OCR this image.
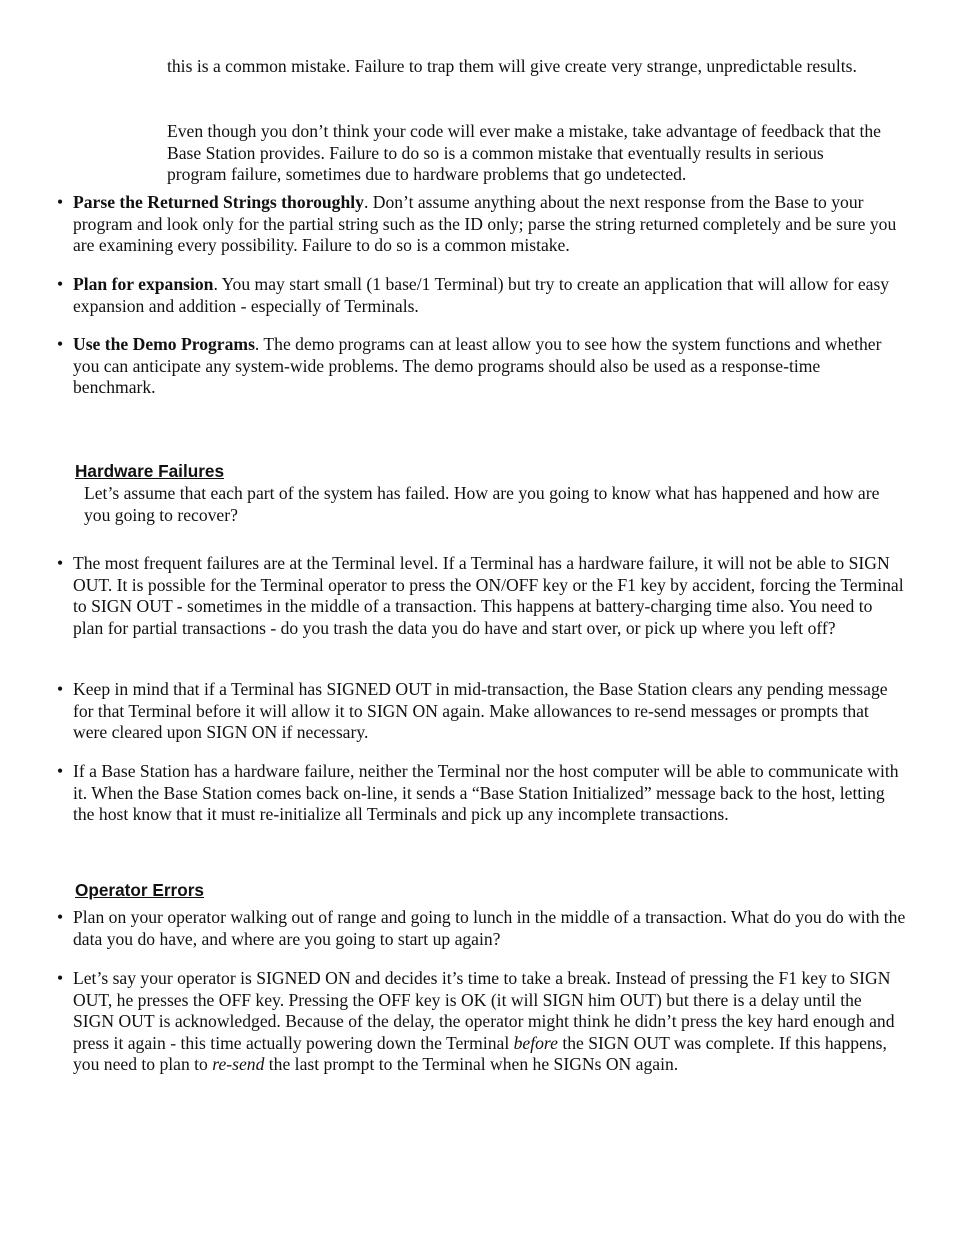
this is a common mistake. Failure to trap them will give create very strange, unpredictable results.

Even though you don’t think your code will ever make a mistake, take advantage of feedback that the Base Station provides. Failure to do so is a common mistake that eventually results in serious program failure, sometimes due to hardware problems that go undetected.

• Parse the Returned Strings thoroughly. Don’t assume anything about the next response from the Base to your program and look only for the partial string such as the ID only; parse the string returned completely and be sure you are examining every possibility. Failure to do so is a common mistake.
• Plan for expansion. You may start small (1 base/1 Terminal) but try to create an application that will allow for easy expansion and addition - especially of Terminals.
• Use the Demo Programs. The demo programs can at least allow you to see how the system functions and whether you can anticipate any system-wide problems. The demo programs should also be used as a response-time benchmark.
Hardware Failures
Let’s assume that each part of the system has failed. How are you going to know what has happened and how are you going to recover?
• The most frequent failures are at the Terminal level. If a Terminal has a hardware failure, it will not be able to SIGN OUT. It is possible for the Terminal operator to press the ON/OFF key or the F1 key by accident, forcing the Terminal to SIGN OUT - sometimes in the middle of a transaction. This happens at battery-charging time also. You need to plan for partial transactions - do you trash the data you do have and start over, or pick up where you left off?
• Keep in mind that if a Terminal has SIGNED OUT in mid-transaction, the Base Station clears any pending message for that Terminal before it will allow it to SIGN ON again. Make allowances to re-send messages or prompts that were cleared upon SIGN ON if necessary.
• If a Base Station has a hardware failure, neither the Terminal nor the host computer will be able to communicate with it. When the Base Station comes back on-line, it sends a “Base Station Initialized” message back to the host, letting the host know that it must re-initialize all Terminals and pick up any incomplete transactions.
Operator Errors
• Plan on your operator walking out of range and going to lunch in the middle of a transaction. What do you do with the data you do have, and where are you going to start up again?
• Let’s say your operator is SIGNED ON and decides it’s time to take a break. Instead of pressing the F1 key to SIGN OUT, he presses the OFF key. Pressing the OFF key is OK (it will SIGN him OUT) but there is a delay until the SIGN OUT is acknowledged. Because of the delay, the operator might think he didn’t press the key hard enough and press it again - this time actually powering down the Terminal before the SIGN OUT was complete. If this happens, you need to plan to re-send the last prompt to the Terminal when he SIGNs ON again.
